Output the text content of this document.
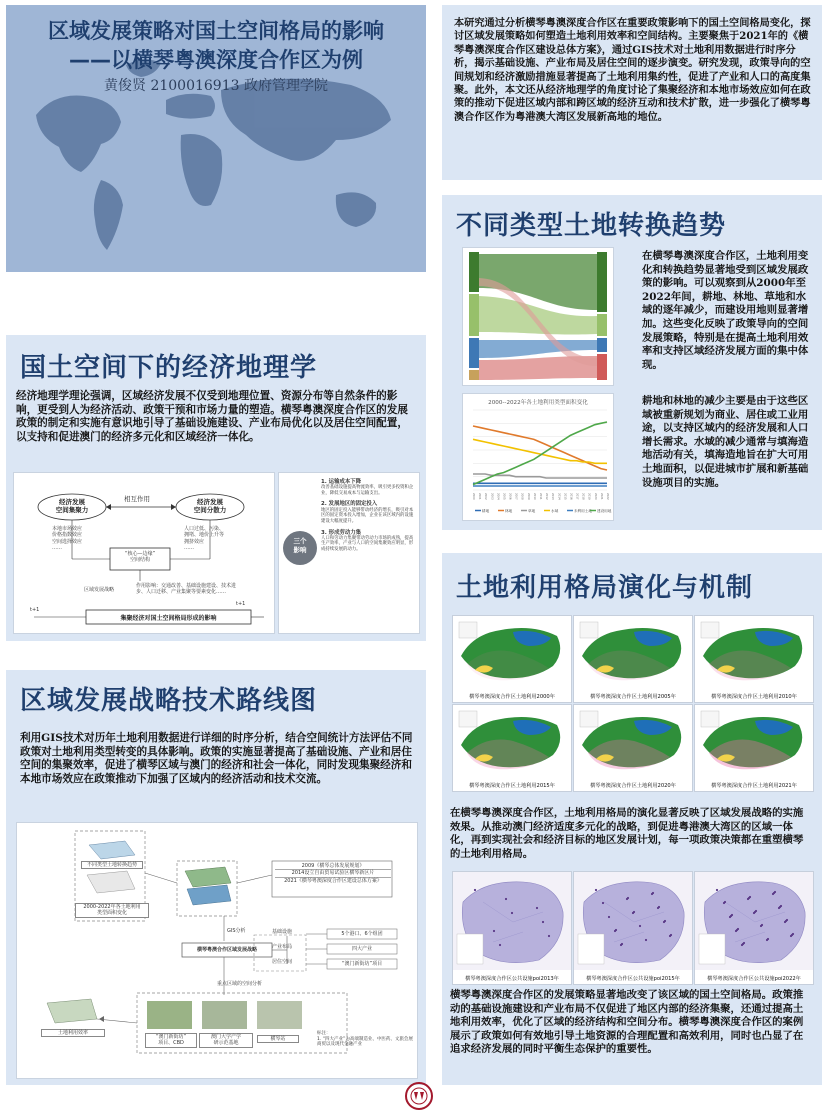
区域发展策略对国土空间格局的影响
——以横琴粤澳深度合作区为例
黄俊贤 2100016913 政府管理学院
国土空间下的经济地理学
经济地理学理论强调，区域经济发展不仅受到地理位置、资源分布等自然条件的影响，更受到人为经济活动、政策干预和市场力量的塑造。横琴粤澳深度合作区的发展政策的制定和实施有意识地引导了基础设施建设、产业布局优化以及居住空间配置，以支持和促进澳门的经济多元化和区域经济一体化。
经济发展
空间集聚力
经济发展
空间分散力
相互作用
本地市场效应
价格指数效应
空间选择效应
……
人口过低、污染、
拥堵、地价上升等
拥挤效应
……
“核心—边缘”
空间结构
区域发展战略
作用影响：交通改善、基础设施建设、技术进步、人口迁移、产业集聚等要素变化……
t+1
t+1
集聚经济对国土空间格局形成的影响
三个
影响
1. 运输成本下降
改善基础设施提高物流效率，吸引更多投资和企业，降低交易成本与运输支出。
2. 发展地区的固定投入
地区的固定投入能够带动经济的增长，吸引对本区的固定资本投入增加，企业在该区域内的设施建设大幅度提升。
3. 形成劳动力集
人口和劳动力集聚带动劳动力市场的成熟，提高生产效率，产业与人口的空间集聚效应明显，形成持续发展的动力。
区域发展战略技术路线图
利用GIS技术对历年土地利用数据进行详细的时序分析，结合空间统计方法评估不同政策对土地利用类型转变的具体影响。政策的实施显著提高了基础设施、产业和居住空间的集聚效率，促进了横琴区域与澳门的经济和社会一体化，同时发现集聚经济和本地市场效应在政策推动下加强了区域内的经济活动和技术交流。
不同类型土地转换趋势
2000-2022年各土地利用
类型面积变化
2009《横琴总体发展规划》
2014设立自由贸易试验区横琴新区片
2021《横琴粤澳深度合作区建设总体方案》
GIS分析
横琴粤澳合作区域发展战略
基础设施
产业布局
居住空间
5个港口、6个组团
四大产业
“澳门新街坊”项目
重点区域的空间分析
土地利用效率
“澳门新街坊”
项目、CBD
澳门大学产学
研示范基地
横琴站
标注：
1. “四大产业”为高端制造业、中医药、文旅会展商贸以及现代金融产业
本研究通过分析横琴粤澳深度合作区在重要政策影响下的国土空间格局变化，探讨区域发展策略如何塑造土地利用效率和空间结构。主要聚焦于2021年的《横琴粤澳深度合作区建设总体方案》，通过GIS技术对土地利用数据进行时序分析，揭示基础设施、产业布局及居住空间的逐步演变。研究发现，政策导向的空间规划和经济激励措施显著提高了土地利用集约性，促进了产业和人口的高度集聚。此外，本文还从经济地理学的角度讨论了集聚经济和本地市场效应如何在政策的推动下促进区域内部和跨区域的经济互动和技术扩散，进一步强化了横琴粤澳合作区作为粤港澳大湾区发展新高地的地位。
不同类型土地转换趋势
2000--2022年各土地利用类型面积变化
2000	2001	2002	2003	2004	2005	2006	2007	2008	2009	2010	2011	2012	2013	2014	2015	2016	2017	2018	2019	2020	2021	2022
耕地	林地	草地	水域	未利用土地 建设用地
在横琴粤澳深度合作区，土地利用变化和转换趋势显著地受到区域发展政策的影响。可以观察到从2000年至2022年间，耕地、林地、草地和水域的逐年减少，而建设用地则显著增加。这些变化反映了政策导向的空间发展策略，特别是在提高土地利用效率和支持区域经济发展方面的集中体现。
耕地和林地的减少主要是由于这些区域被重新规划为商业、居住或工业用途，以支持区域内的经济发展和人口增长需求。水域的减少通常与填海造地活动有关，填海造地旨在扩大可用土地面积，以促进城市扩展和新基础设施项目的实施。
土地利用格局演化与机制
横琴粤澳深度合作区土地利用2000年	横琴粤澳深度合作区土地利用2005年	横琴粤澳深度合作区土地利用2010年
横琴粤澳深度合作区土地利用2015年	横琴粤澳深度合作区土地利用2020年	横琴粤澳深度合作区土地利用2021年
在横琴粤澳深度合作区，土地利用格局的演化显著反映了区域发展战略的实施效果。从推动澳门经济适度多元化的战略，到促进粤港澳大湾区的区域一体化，再到实现社会和经济目标的地区发展计划，每一项政策决策都在重塑横琴的土地利用格局。
横琴粤澳深度合作区公共设施poi2013年	横琴粤澳深度合作区公共设施poi2015年	横琴粤澳深度合作区公共设施poi2022年
横琴粤澳深度合作区的发展策略显著地改变了该区域的国土空间格局。政策推动的基础设施建设和产业布局不仅促进了地区内部的经济集聚，还通过提高土地利用效率，优化了区域的经济结构和空间分布。横琴粤澳深度合作区的案例展示了政策如何有效地引导土地资源的合理配置和高效利用，同时也凸显了在追求经济发展的同时平衡生态保护的重要性。
